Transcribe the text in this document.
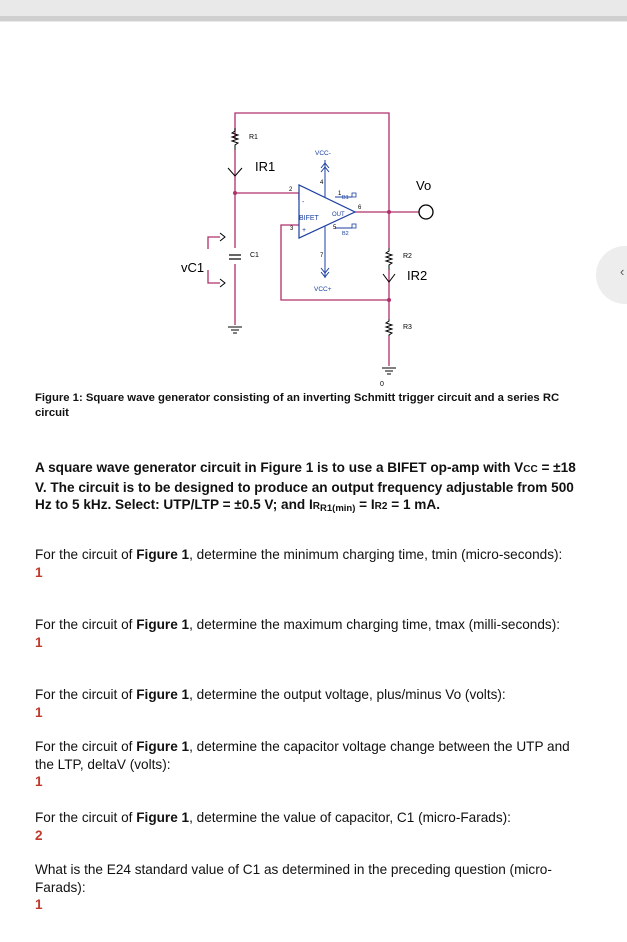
‹
R1
IR1
VCC-
Vo
2
4
1
B1
OUT
6
BIFET
-
+
3	5
B2
7
C1
vC1
R2
IR2
VCC+
R3
0
Figure 1: Square wave generator consisting of an inverting Schmitt trigger circuit and a series RC circuit
A square wave generator circuit in Figure 1 is to use a BIFET op-amp with VCC = ±18 V. The circuit is to be designed to produce an output frequency adjustable from 500 Hz to 5 kHz. Select: UTP/LTP = ±0.5 V; and $IR_{R1(min)} = IR2 = 1$ mA.
For the circuit of Figure 1, determine the minimum charging time, tmin (micro-seconds):
1
For the circuit of Figure 1, determine the maximum charging time, tmax (milli-seconds):
1
For the circuit of Figure 1, determine the output voltage, plus/minus Vo (volts):
1
For the circuit of Figure 1, determine the capacitor voltage change between the UTP and the LTP, deltaV (volts):
1
For the circuit of Figure 1, determine the value of capacitor, C1 (micro-Farads):
2
What is the E24 standard value of C1 as determined in the preceding question (micro-Farads):
1
